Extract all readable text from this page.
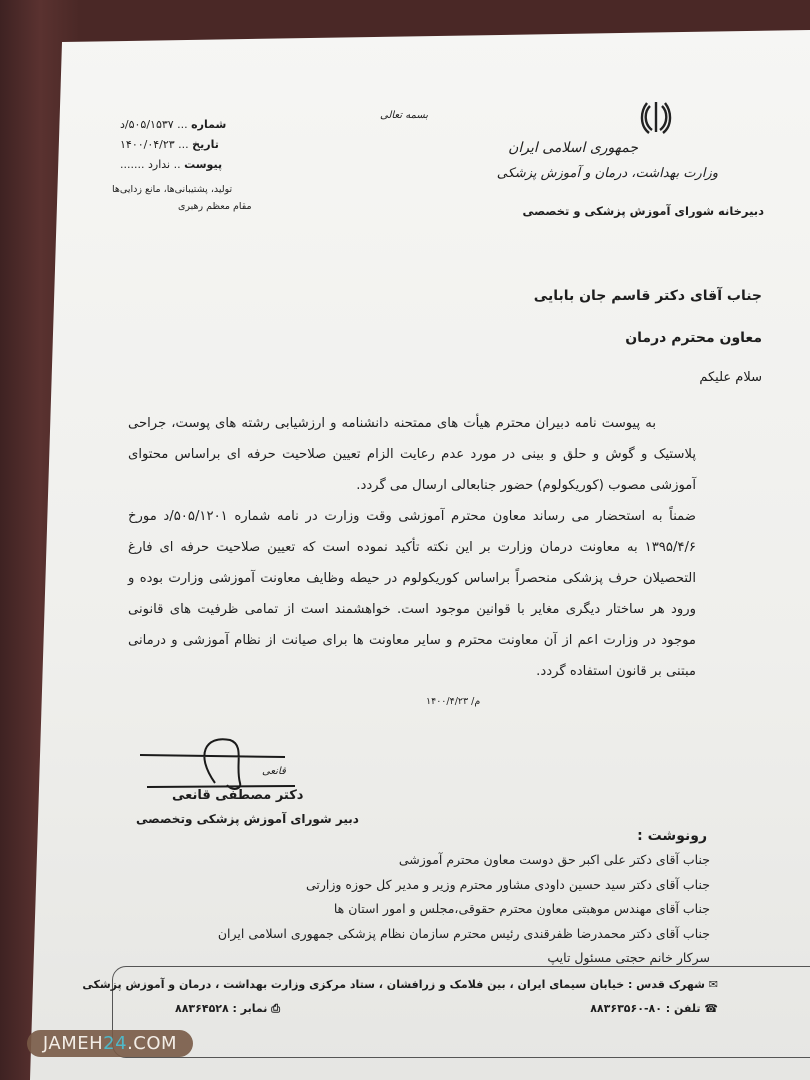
جمهوری اسلامی ایران
وزارت بهداشت، درمان و آموزش پزشکی
دبیرخانه شورای آموزش پزشکی و تخصصی
بسمه تعالی
شماره ... ۵۰۵/۱۵۳۷/د
تاریخ ... ۱۴۰۰/۰۴/۲۳
پیوست .. ندارد .......
تولید، پشتیبانی‌ها، مانع زدایی‌ها
مقام معظم رهبری
جناب آقای دکتر قاسم جان بابایی
معاون محترم درمان
سلام علیکم

به پیوست نامه دبیران محترم هیأت های ممتحنه دانشنامه و ارزشیابی رشته های پوست، جراحی پلاستیک و گوش و حلق و بینی در مورد عدم رعایت الزام تعیین صلاحیت حرفه ای براساس محتوای آموزشی مصوب (کوریکولوم) حضور جنابعالی ارسال می گردد.

ضمناً به استحضار می رساند معاون محترم آموزشی وقت وزارت در نامه شماره ۵۰۵/۱۲۰۱/د مورخ ۱۳۹۵/۴/۶ به معاونت درمان وزارت بر این نکته تأکید نموده است که تعیین صلاحیت حرفه ای فارغ التحصیلان حرف پزشکی منحصراً براساس کوریکولوم در حیطه وظایف معاونت آموزشی وزارت بوده و ورود هر ساختار دیگری مغایر با قوانین موجود است. خواهشمند است از تمامی ظرفیت های قانونی موجود در وزارت اعم از آن معاونت محترم و سایر معاونت ها برای صیانت از نظام آموزشی و درمانی مبتنی بر قانون استفاده گردد.

م/ ۱۴۰۰/۴/۲۳
قانعی
دکتر مصطفی قانعی
دبیر شورای آموزش پزشکی وتخصصی
رونوشت :
جناب آقای دکتر علی اکبر حق دوست معاون محترم آموزشی
جناب آقای دکتر سید حسین داودی مشاور محترم وزیر و مدیر کل حوزه وزارتی
جناب آقای مهندس موهبتی معاون محترم حقوقی،مجلس و امور استان ها
جناب آقای دکتر محمدرضا ظفرقندی رئیس محترم سازمان نظام پزشکی جمهوری اسلامی ایران
سرکار خانم حجتی مسئول تایپ
✉ شهرک قدس : خیابان سیمای ایران ، بین فلامک و زرافشان ، ستاد مرکزی وزارت بهداشت ، درمان و آموزش پزشکی
☎ تلفن : ۸۰-۸۸۳۶۳۵۶۰
⎙ نمابر : ۸۸۳۶۴۵۲۸
JAMEH24.COM
